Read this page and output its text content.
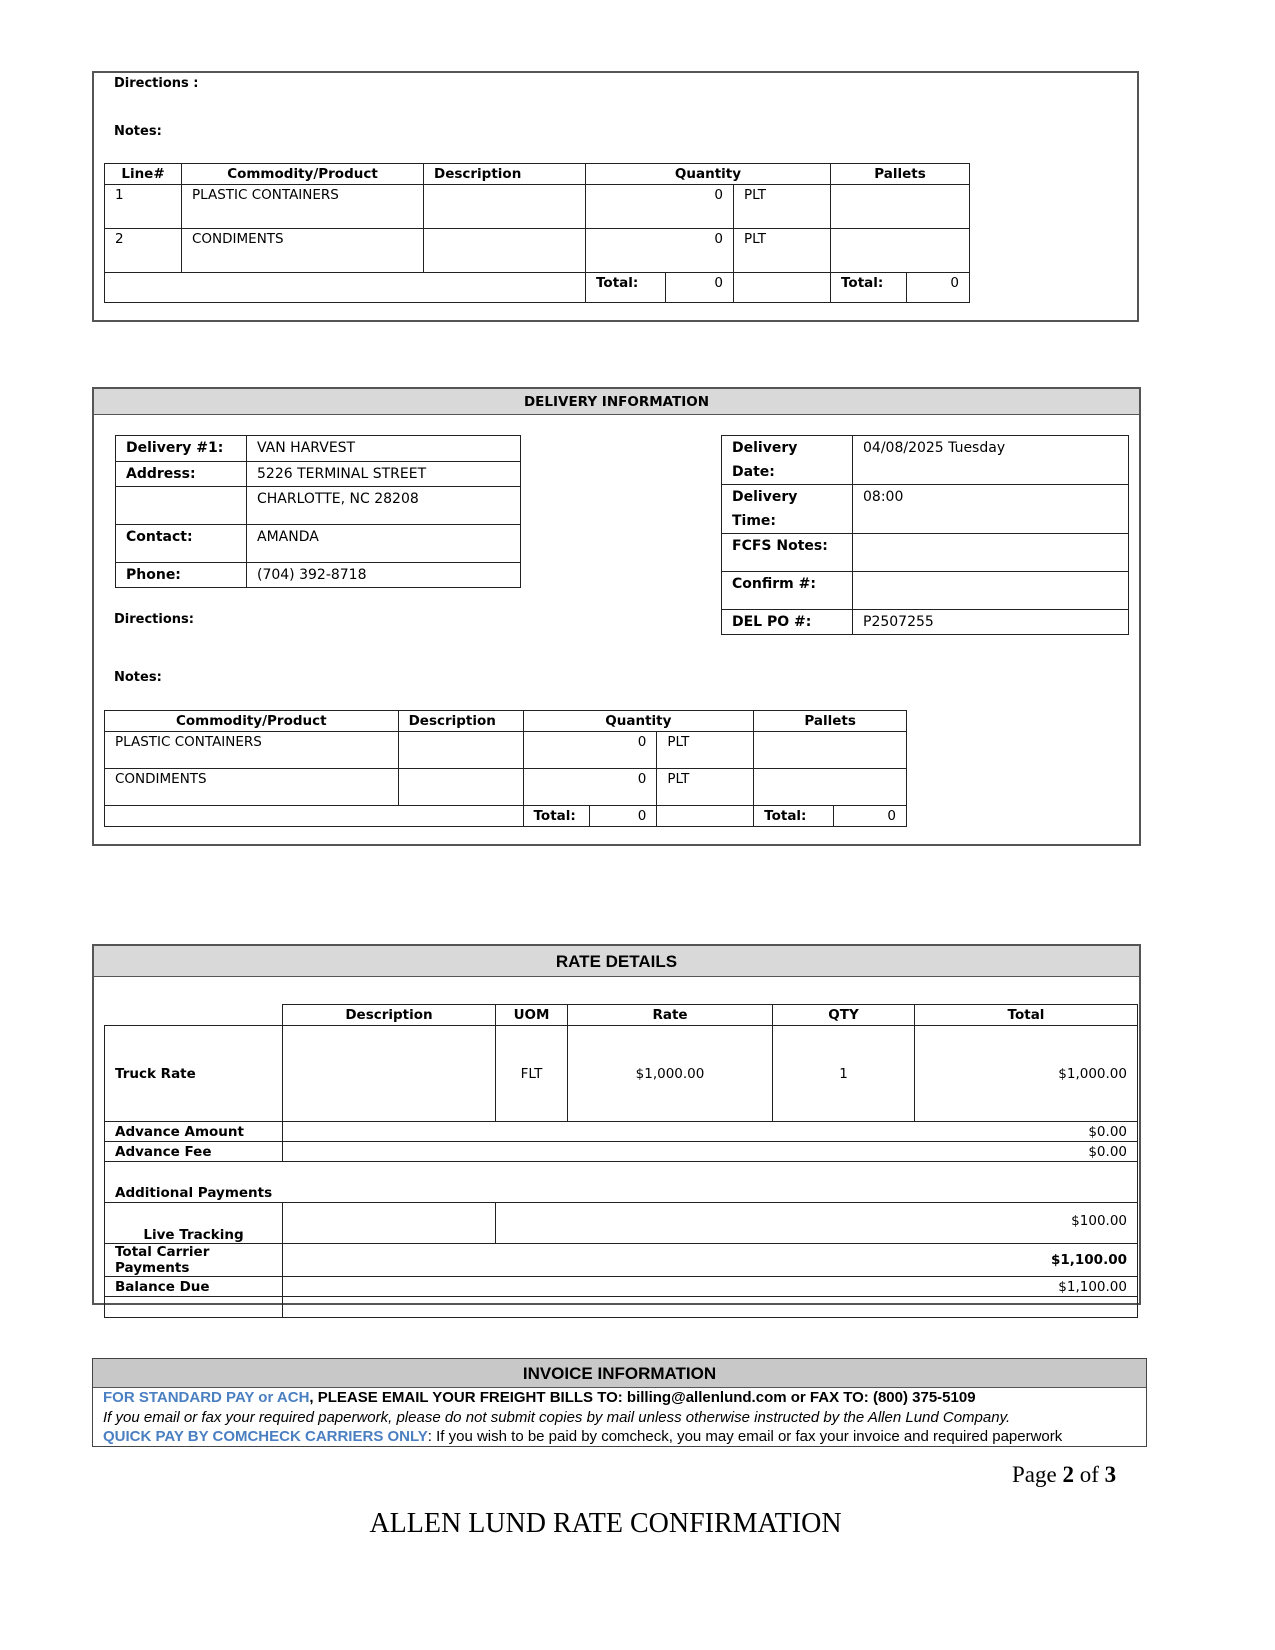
Directions :
Notes:
Line#	Commodity/Product	Description	Quantity			Pallets	
1	PLASTIC CONTAINERS		0		PLT		
2	CONDIMENTS		0		PLT		
			Total:	0		Total:	0
DELIVERY INFORMATION
Delivery #1:	VAN HARVEST
Address:	5226 TERMINAL STREET
	CHARLOTTE, NC 28208
Contact:	AMANDA
Phone:	(704) 392-8718
Delivery Date:	04/08/2025 Tuesday
Delivery Time:	08:00
FCFS Notes:	
Confirm #:	
DEL PO #:	P2507255
Directions:
Notes:
Commodity/Product	Description	Quantity			Pallets	
PLASTIC CONTAINERS		0		PLT		
CONDIMENTS		0		PLT		
		Total:	0		Total:	0
RATE DETAILS
	Description	UOM	Rate	QTY	Total
Truck Rate		FLT	$1,000.00	1	$1,000.00
Advance Amount	$0.00				
Advance Fee	$0.00				
Additional Payments					
Live Tracking		$100.00			
Total Carrier Payments	$1,100.00				
Balance Due	$1,100.00				

INVOICE INFORMATION
FOR STANDARD PAY or ACH, PLEASE EMAIL YOUR FREIGHT BILLS TO: billing@allenlund.com or FAX TO: (800) 375-5109
If you email or fax your required paperwork, please do not submit copies by mail unless otherwise instructed by the Allen Lund Company.
QUICK PAY BY COMCHECK CARRIERS ONLY: If you wish to be paid by comcheck, you may email or fax your invoice and required paperwork
Page 2 of 3
ALLEN LUND RATE CONFIRMATION
